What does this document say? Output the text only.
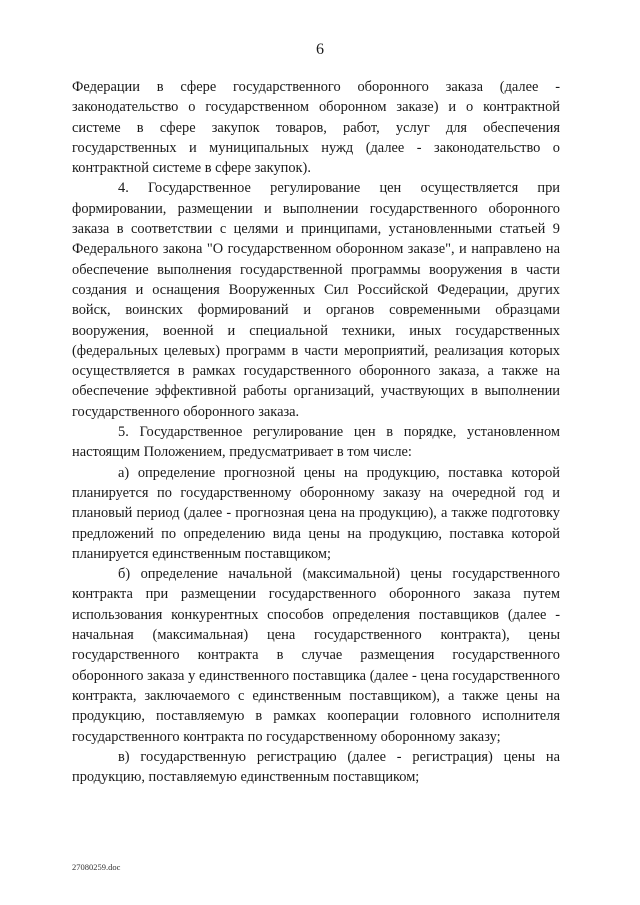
6

Федерации в сфере государственного оборонного заказа (далее - законодательство о государственном оборонном заказе) и о контрактной системе в сфере закупок товаров, работ, услуг для обеспечения государственных и муниципальных нужд (далее - законодательство о контрактной системе в сфере закупок).

4. Государственное регулирование цен осуществляется при формировании, размещении и выполнении государственного оборонного заказа в соответствии с целями и принципами, установленными статьей 9 Федерального закона "О государственном оборонном заказе", и направлено на обеспечение выполнения государственной программы вооружения в части создания и оснащения Вооруженных Сил Российской Федерации, других войск, воинских формирований и органов современными образцами вооружения, военной и специальной техники, иных государственных (федеральных целевых) программ в части мероприятий, реализация которых осуществляется в рамках государственного оборонного заказа, а также на обеспечение эффективной работы организаций, участвующих в выполнении государственного оборонного заказа.

5. Государственное регулирование цен в порядке, установленном настоящим Положением, предусматривает в том числе:

а) определение прогнозной цены на продукцию, поставка которой планируется по государственному оборонному заказу на очередной год и плановый период (далее - прогнозная цена на продукцию), а также подготовку предложений по определению вида цены на продукцию, поставка которой планируется единственным поставщиком;

б) определение начальной (максимальной) цены государственного контракта при размещении государственного оборонного заказа путем использования конкурентных способов определения поставщиков (далее - начальная (максимальная) цена государственного контракта), цены государственного контракта в случае размещения государственного оборонного заказа у единственного поставщика (далее - цена государственного контракта, заключаемого с единственным поставщиком), а также цены на продукцию, поставляемую в рамках кооперации головного исполнителя государственного контракта по государственному оборонному заказу;

в) государственную регистрацию (далее - регистрация) цены на продукцию, поставляемую единственным поставщиком;

27080259.doc
